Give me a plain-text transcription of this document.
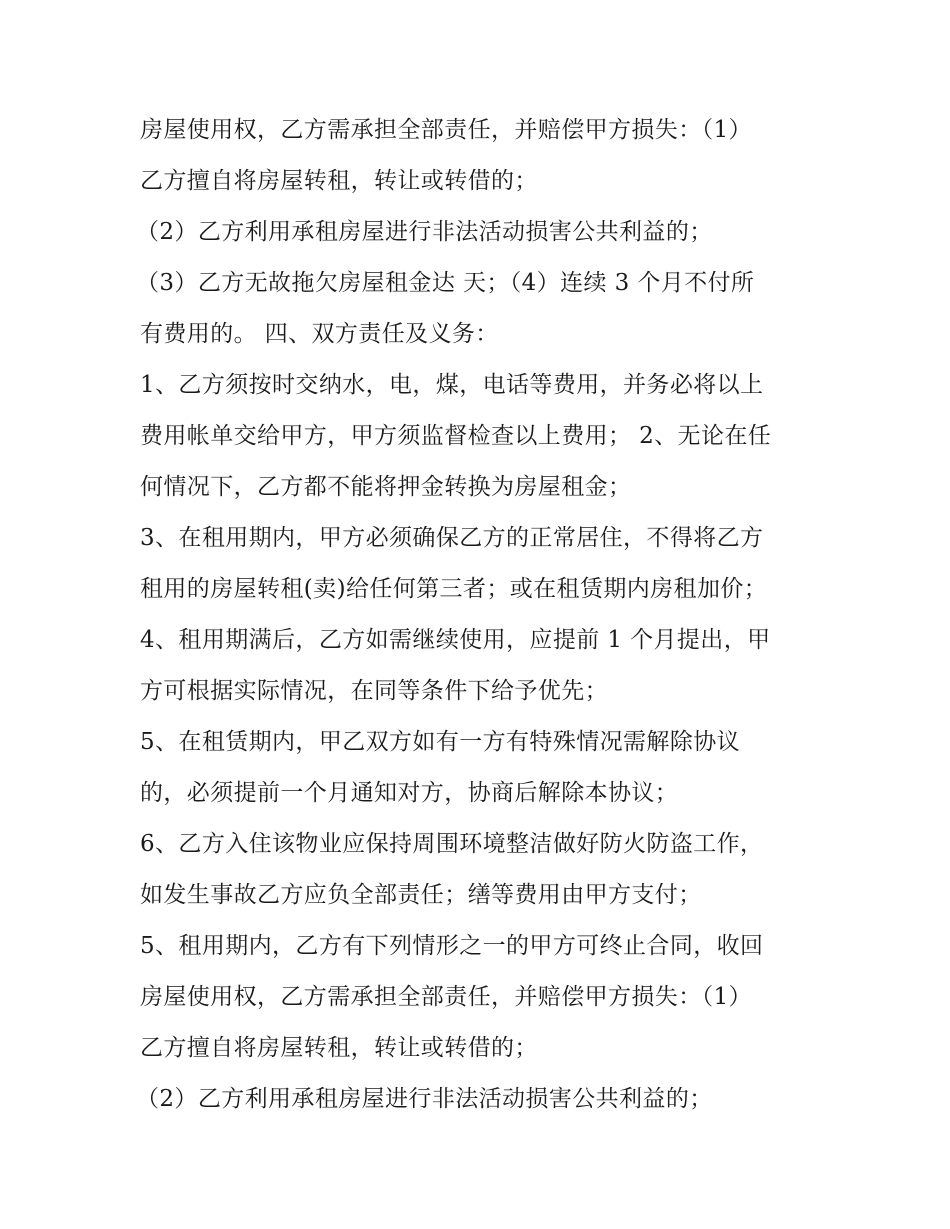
房屋使用权，乙方需承担全部责任，并赔偿甲方损失：（1）
乙方擅自将房屋转租，转让或转借的；
（2）乙方利用承租房屋进行非法活动损害公共利益的；
（3）乙方无故拖欠房屋租金达 天；（4）连续 3 个月不付所
有费用的。 四、双方责任及义务：
1、乙方须按时交纳水，电，煤，电话等费用，并务必将以上
费用帐单交给甲方，甲方须监督检查以上费用； 2、无论在任
何情况下，乙方都不能将押金转换为房屋租金；
3、在租用期内，甲方必须确保乙方的正常居住，不得将乙方
租用的房屋转租(卖)给任何第三者；或在租赁期内房租加价；
4、租用期满后，乙方如需继续使用，应提前 1 个月提出，甲
方可根据实际情况，在同等条件下给予优先；
5、在租赁期内，甲乙双方如有一方有特殊情况需解除协议
的，必须提前一个月通知对方，协商后解除本协议；
6、乙方入住该物业应保持周围环境整洁做好防火防盗工作，
如发生事故乙方应负全部责任；缮等费用由甲方支付；
5、租用期内，乙方有下列情形之一的甲方可终止合同，收回
房屋使用权，乙方需承担全部责任，并赔偿甲方损失：（1）
乙方擅自将房屋转租，转让或转借的；
（2）乙方利用承租房屋进行非法活动损害公共利益的；
